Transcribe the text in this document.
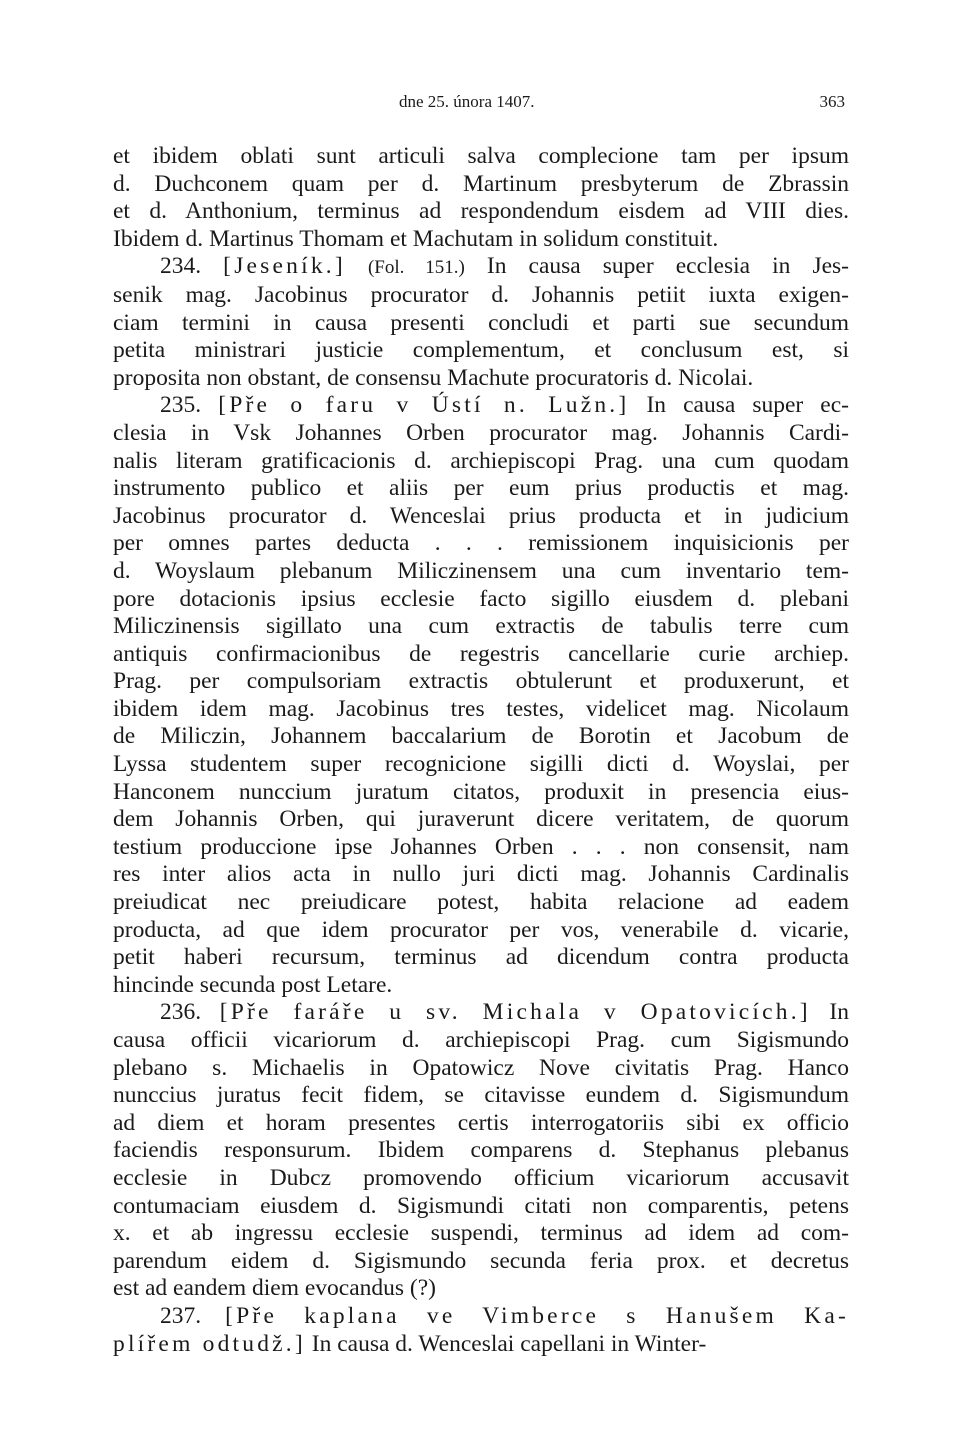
dne 25. února 1407.	363

et ibidem oblati sunt articuli salva complecione tam per ipsum
d. Duchconem quam per d. Martinum presbyterum de Zbrassin
et d. Anthonium, terminus ad respondendum eisdem ad VIII dies.
Ibidem d. Martinus Thomam et Machutam in solidum constituit.

234. [Jeseník.] (Fol. 151.) In causa super ecclesia in Jes-
senik mag. Jacobinus procurator d. Johannis petiit iuxta exigen-
ciam termini in causa presenti concludi et parti sue secundum
petita ministrari justicie complementum, et conclusum est, si
proposita non obstant, de consensu Machute procuratoris d. Nicolai.

235. [Pře o faru v Ústí n. Lužn.] In causa super ec-
clesia in Vsk Johannes Orben procurator mag. Johannis Cardi-
nalis literam gratificacionis d. archiepiscopi Prag. una cum quodam
instrumento publico et aliis per eum prius productis et mag.
Jacobinus procurator d. Wenceslai prius producta et in judicium
per omnes partes deducta . . . remissionem inquisicionis per
d. Woyslaum plebanum Miliczinensem una cum inventario tem-
pore dotacionis ipsius ecclesie facto sigillo eiusdem d. plebani
Miliczinensis sigillato una cum extractis de tabulis terre cum
antiquis confirmacionibus de regestris cancellarie curie archiep.
Prag. per compulsoriam extractis obtulerunt et produxerunt, et
ibidem idem mag. Jacobinus tres testes, videlicet mag. Nicolaum
de Miliczin, Johannem baccalarium de Borotin et Jacobum de
Lyssa studentem super recognicione sigilli dicti d. Woyslai, per
Hanconem nunccium juratum citatos, produxit in presencia eius-
dem Johannis Orben, qui juraverunt dicere veritatem, de quorum
testium produccione ipse Johannes Orben . . . non consensit, nam
res inter alios acta in nullo juri dicti mag. Johannis Cardinalis
preiudicat nec preiudicare potest, habita relacione ad eadem
producta, ad que idem procurator per vos, venerabile d. vicarie,
petit haberi recursum, terminus ad dicendum contra producta
hincinde secunda post Letare.

236. [Pře faráře u sv. Michala v Opatovicích.] In
causa officii vicariorum d. archiepiscopi Prag. cum Sigismundo
plebano s. Michaelis in Opatowicz Nove civitatis Prag. Hanco
nunccius juratus fecit fidem, se citavisse eundem d. Sigismundum
ad diem et horam presentes certis interrogatoriis sibi ex officio
faciendis responsurum. Ibidem comparens d. Stephanus plebanus
ecclesie in Dubcz promovendo officium vicariorum accusavit
contumaciam eiusdem d. Sigismundi citati non comparentis, petens
x. et ab ingressu ecclesie suspendi, terminus ad idem ad com-
parendum eidem d. Sigismundo secunda feria prox. et decretus
est ad eandem diem evocandus (?)

237. [Pře kaplana ve Vimberce s Hanušem Ka-
plířem odtudž.] In causa d. Wenceslai capellani in Winter-
